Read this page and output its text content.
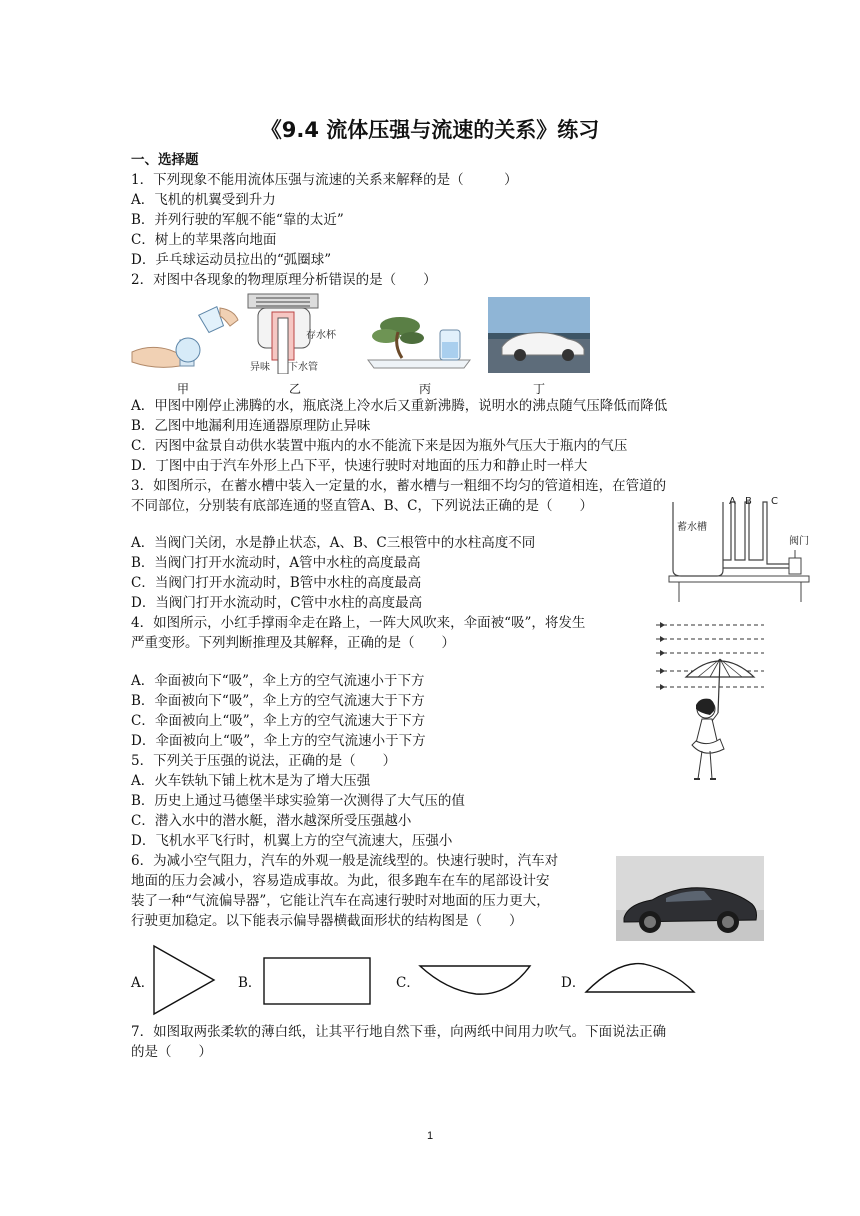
《9.4 流体压强与流速的关系》练习
一、选择题
1．下列现象不能用流体压强与流速的关系来解释的是（　　　）
A．飞机的机翼受到升力
B．并列行驶的军舰不能“靠的太近”
C．树上的苹果落向地面
D．乒乓球运动员拉出的“弧圈球”
2．对图中各现象的物理原理分析错误的是（　　）
甲
存水杯
异味 下水管
乙	丙	丁
A．甲图中刚停止沸腾的水，瓶底浇上冷水后又重新沸腾，说明水的沸点随气压降低而降低
B．乙图中地漏利用连通器原理防止异味
C．丙图中盆景自动供水装置中瓶内的水不能流下来是因为瓶外气压大于瓶内的气压
D．丁图中由于汽车外形上凸下平，快速行驶时对地面的压力和静止时一样大
3．如图所示，在蓄水槽中装入一定量的水，蓄水槽与一粗细不均匀的管道相连，在管道的
不同部位，分别装有底部连通的竖直管A、B、C，下列说法正确的是（　　）
蓄水槽
A B C
阀门
A．当阀门关闭，水是静止状态，A、B、C三根管中的水柱高度不同
B．当阀门打开水流动时，A管中水柱的高度最高
C．当阀门打开水流动时，B管中水柱的高度最高
D．当阀门打开水流动时，C管中水柱的高度最高
4．如图所示，小红手撑雨伞走在路上，一阵大风吹来，伞面被“吸”，将发生
严重变形。下列判断推理及其解释，正确的是（　　）
A．伞面被向下“吸”，伞上方的空气流速小于下方
B．伞面被向下“吸”，伞上方的空气流速大于下方
C．伞面被向上“吸”，伞上方的空气流速大于下方
D．伞面被向上“吸”，伞上方的空气流速小于下方
5．下列关于压强的说法，正确的是（　　）
A．火车铁轨下铺上枕木是为了增大压强
B．历史上通过马德堡半球实验第一次测得了大气压的值
C．潜入水中的潜水艇，潜水越深所受压强越小
D．飞机水平飞行时，机翼上方的空气流速大，压强小
6．为减小空气阻力，汽车的外观一般是流线型的。快速行驶时，汽车对
地面的压力会减小，容易造成事故。为此，很多跑车在车的尾部设计安
装了一种“气流偏导器”，它能让汽车在高速行驶时对地面的压力更大，
行驶更加稳定。以下能表示偏导器横截面形状的结构图是（　　）
A．	B．	C．	D．
7．如图取两张柔软的薄白纸，让其平行地自然下垂，向两纸中间用力吹气。下面说法正确
的是（　　）
1
